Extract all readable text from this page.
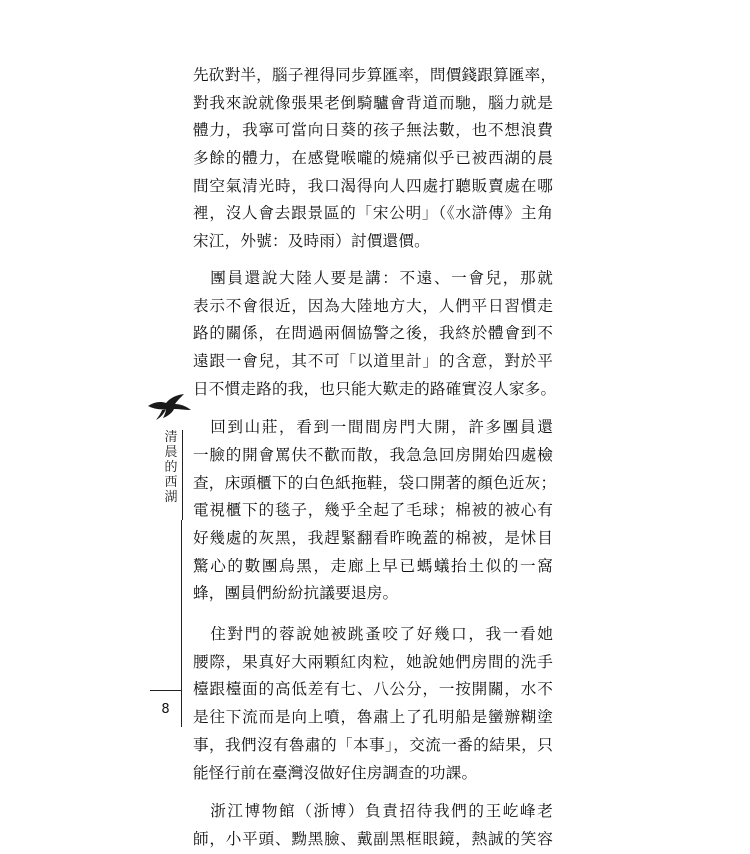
先砍對半，腦子裡得同步算匯率，問價錢跟算匯率，
對我來說就像張果老倒騎驢會背道而馳，腦力就是
體力，我寧可當向日葵的孩子無法數，也不想浪費
多餘的體力，在感覺喉嚨的燒痛似乎已被西湖的晨
間空氣清光時，我口渴得向人四處打聽販賣處在哪
裡，沒人會去跟景區的「宋公明」（《水滸傳》主角
宋江，外號：及時雨）討價還價。
　團員還說大陸人要是講：不遠、一會兒，那就
表示不會很近，因為大陸地方大，人們平日習慣走
路的關係，在問過兩個協警之後，我終於體會到不
遠跟一會兒，其不可「以道里計」的含意，對於平
日不慣走路的我，也只能大歎走的路確實沒人家多。
　回到山莊，看到一間間房門大開，許多團員還
一臉的開會罵伕不歡而散，我急急回房開始四處檢
查，床頭櫃下的白色紙拖鞋，袋口開著的顏色近灰；
電視櫃下的毯子，幾乎全起了毛球；棉被的被心有
好幾處的灰黑，我趕緊翻看昨晚蓋的棉被，是怵目
驚心的數團烏黑，走廊上早已螞蟻抬土似的一窩
蜂，團員們紛紛抗議要退房。
　住對門的蓉說她被跳蚤咬了好幾口，我一看她
腰際，果真好大兩顆紅肉粒，她說她們房間的洗手
檯跟檯面的高低差有七、八公分，一按開關，水不
是往下流而是向上噴，魯肅上了孔明船是蠻辦糊塗
事，我們沒有魯肅的「本事」，交流一番的結果，只
能怪行前在臺灣沒做好住房調查的功課。
　浙江博物館（浙博）負責招待我們的王屹峰老
師，小平頭、黝黑臉、戴副黑框眼鏡，熱誠的笑容
清
晨
的
西
湖
8
